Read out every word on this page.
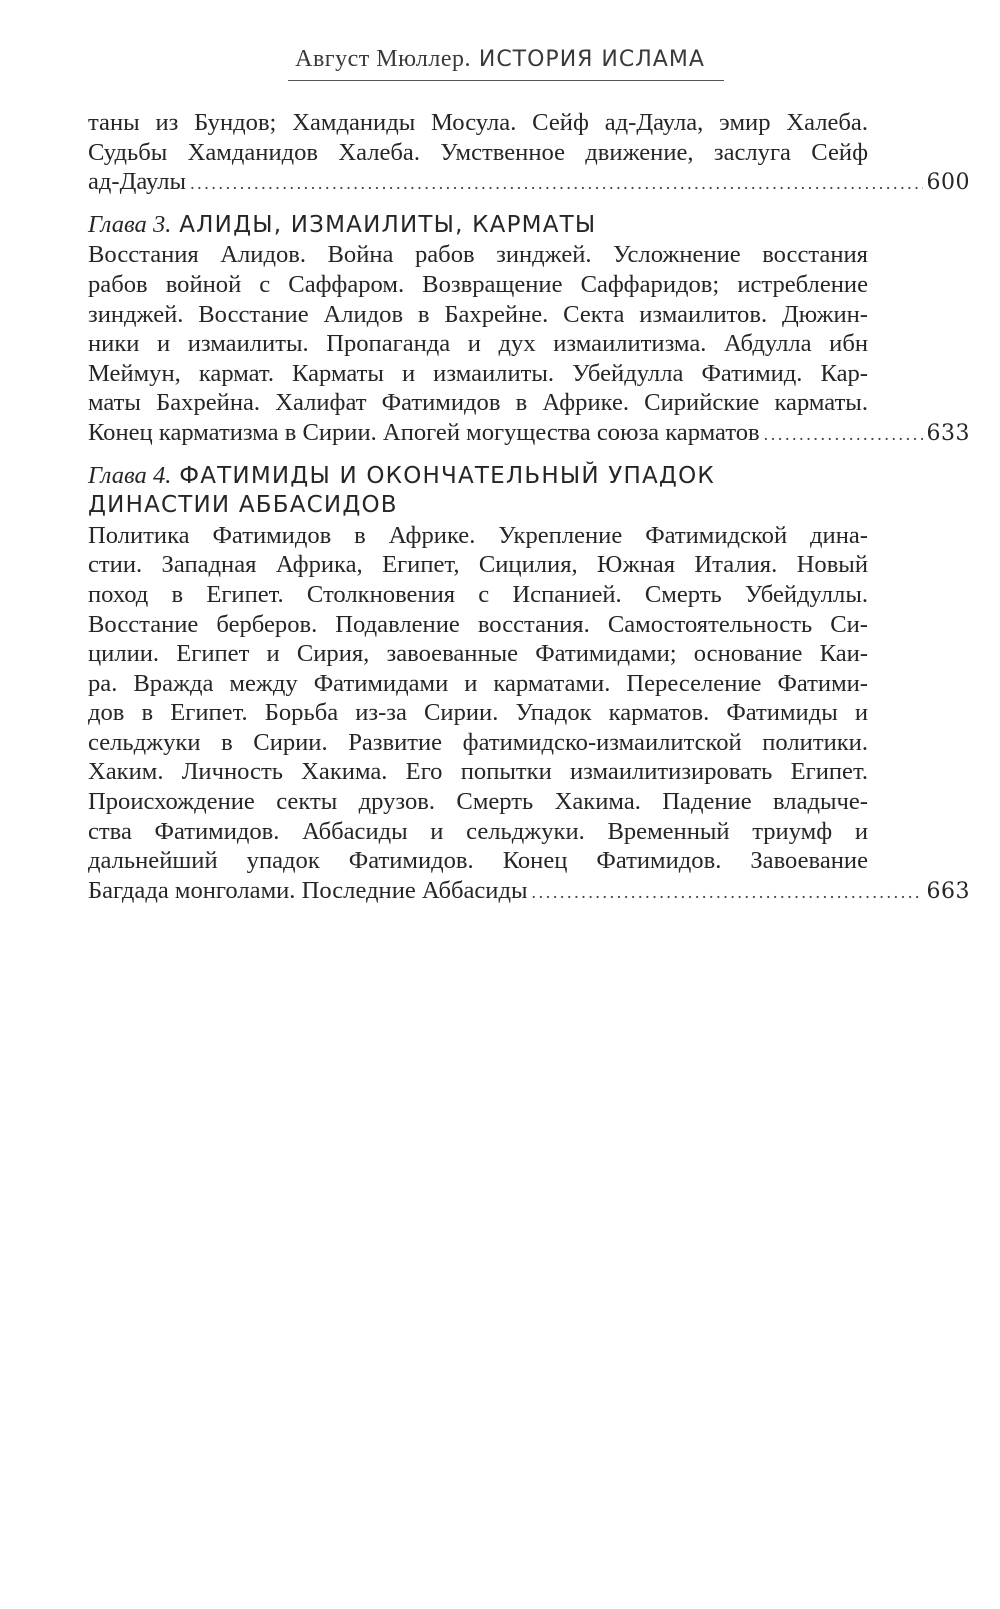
Август Мюллер. ИСТОРИЯ ИСЛАМА
таны из Бундов; Хамданиды Мосула. Сейф ад-Даула, эмир Халеба.
Судьбы Хамданидов Халеба. Умственное движение, заслуга Сейф
ад-Даулы .....	600
Глава 3. АЛИДЫ, ИЗМАИЛИТЫ, КАРМАТЫ
Восстания Алидов. Война рабов зинджей. Усложнение восстания
рабов войной с Саффаром. Возвращение Саффаридов; истребление
зинджей. Восстание Алидов в Бахрейне. Секта измаилитов. Дюжин-
ники и измаилиты. Пропаганда и дух измаилитизма. Абдулла ибн
Меймун, кармат. Карматы и измаилиты. Убейдулла Фатимид. Кар-
маты Бахрейна. Халифат Фатимидов в Африке. Сирийские карматы.
Конец карматизма в Сирии. Апогей могущества союза карматов .....	633
Глава 4. ФАТИМИДЫ И ОКОНЧАТЕЛЬНЫЙ УПАДОК
ДИНАСТИИ АББАСИДОВ
Политика Фатимидов в Африке. Укрепление Фатимидской дина-
стии. Западная Африка, Египет, Сицилия, Южная Италия. Новый
поход в Египет. Столкновения с Испанией. Смерть Убейдуллы.
Восстание берберов. Подавление восстания. Самостоятельность Си-
цилии. Египет и Сирия, завоеванные Фатимидами; основание Каи-
ра. Вражда между Фатимидами и карматами. Переселение Фатими-
дов в Египет. Борьба из-за Сирии. Упадок карматов. Фатимиды и
сельджуки в Сирии. Развитие фатимидско-измаилитской политики.
Хаким. Личность Хакима. Его попытки измаилитизировать Египет.
Происхождение секты друзов. Смерть Хакима. Падение владыче-
ства Фатимидов. Аббасиды и сельджуки. Временный триумф и
дальнейший упадок Фатимидов. Конец Фатимидов. Завоевание
Багдада монголами. Последние Аббасиды .....	663
